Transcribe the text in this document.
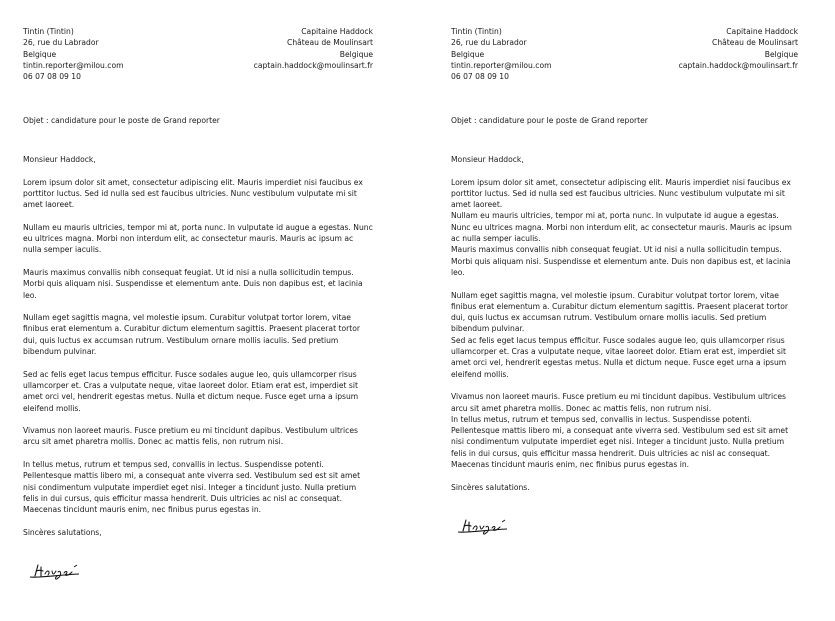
Tintin (Tintin)
26, rue du Labrador
Belgique
tintin.reporter@milou.com
06 07 08 09 10
Capitaine Haddock
Château de Moulinsart
Belgique
captain.haddock@moulinsart.fr
Objet : candidature pour le poste de Grand reporter
Monsieur Haddock,

Lorem ipsum dolor sit amet, consectetur adipiscing elit. Mauris imperdiet nisi faucibus ex porttitor luctus. Sed id nulla sed est faucibus ultricies. Nunc vestibulum vulputate mi sit amet laoreet.

Nullam eu mauris ultricies, tempor mi at, porta nunc. In vulputate id augue a egestas. Nunc eu ultrices magna. Morbi non interdum elit, ac consectetur mauris. Mauris ac ipsum ac nulla semper iaculis.

Mauris maximus convallis nibh consequat feugiat. Ut id nisi a nulla sollicitudin tempus. Morbi quis aliquam nisi. Suspendisse et elementum ante. Duis non dapibus est, et lacinia leo.

Nullam eget sagittis magna, vel molestie ipsum. Curabitur volutpat tortor lorem, vitae finibus erat elementum a. Curabitur dictum elementum sagittis. Praesent placerat tortor dui, quis luctus ex accumsan rutrum. Vestibulum ornare mollis iaculis. Sed pretium bibendum pulvinar.

Sed ac felis eget lacus tempus efficitur. Fusce sodales augue leo, quis ullamcorper risus ullamcorper et. Cras a vulputate neque, vitae laoreet dolor. Etiam erat est, imperdiet sit amet orci vel, hendrerit egestas metus. Nulla et dictum neque. Fusce eget urna a ipsum eleifend mollis.

Vivamus non laoreet mauris. Fusce pretium eu mi tincidunt dapibus. Vestibulum ultrices arcu sit amet pharetra mollis. Donec ac mattis felis, non rutrum nisi.

In tellus metus, rutrum et tempus sed, convallis in lectus. Suspendisse potenti. Pellentesque mattis libero mi, a consequat ante viverra sed. Vestibulum sed est sit amet nisi condimentum vulputate imperdiet eget nisi. Integer a tincidunt justo. Nulla pretium felis in dui cursus, quis efficitur massa hendrerit. Duis ultricies ac nisl ac consequat. Maecenas tincidunt mauris enim, nec finibus purus egestas in.

Sincères salutations,
Tintin (Tintin)
26, rue du Labrador
Belgique
tintin.reporter@milou.com
06 07 08 09 10
Capitaine Haddock
Château de Moulinsart
Belgique
captain.haddock@moulinsart.fr
Objet : candidature pour le poste de Grand reporter
Monsieur Haddock,

Lorem ipsum dolor sit amet, consectetur adipiscing elit. Mauris imperdiet nisi faucibus ex porttitor luctus. Sed id nulla sed est faucibus ultricies. Nunc vestibulum vulputate mi sit amet laoreet.

Nullam eu mauris ultricies, tempor mi at, porta nunc. In vulputate id augue a egestas. Nunc eu ultrices magna. Morbi non interdum elit, ac consectetur mauris. Mauris ac ipsum ac nulla semper iaculis.

Mauris maximus convallis nibh consequat feugiat. Ut id nisi a nulla sollicitudin tempus. Morbi quis aliquam nisi. Suspendisse et elementum ante. Duis non dapibus est, et lacinia leo.

Nullam eget sagittis magna, vel molestie ipsum. Curabitur volutpat tortor lorem, vitae finibus erat elementum a. Curabitur dictum elementum sagittis. Praesent placerat tortor dui, quis luctus ex accumsan rutrum. Vestibulum ornare mollis iaculis. Sed pretium bibendum pulvinar.

Sed ac felis eget lacus tempus efficitur. Fusce sodales augue leo, quis ullamcorper risus ullamcorper et. Cras a vulputate neque, vitae laoreet dolor. Etiam erat est, imperdiet sit amet orci vel, hendrerit egestas metus. Nulla et dictum neque. Fusce eget urna a ipsum eleifend mollis.

Vivamus non laoreet mauris. Fusce pretium eu mi tincidunt dapibus. Vestibulum ultrices arcu sit amet pharetra mollis. Donec ac mattis felis, non rutrum nisi.

In tellus metus, rutrum et tempus sed, convallis in lectus. Suspendisse potenti. Pellentesque mattis libero mi, a consequat ante viverra sed. Vestibulum sed est sit amet nisi condimentum vulputate imperdiet eget nisi. Integer a tincidunt justo. Nulla pretium felis in dui cursus, quis efficitur massa hendrerit. Duis ultricies ac nisl ac consequat. Maecenas tincidunt mauris enim, nec finibus purus egestas in.

Sincères salutations.
